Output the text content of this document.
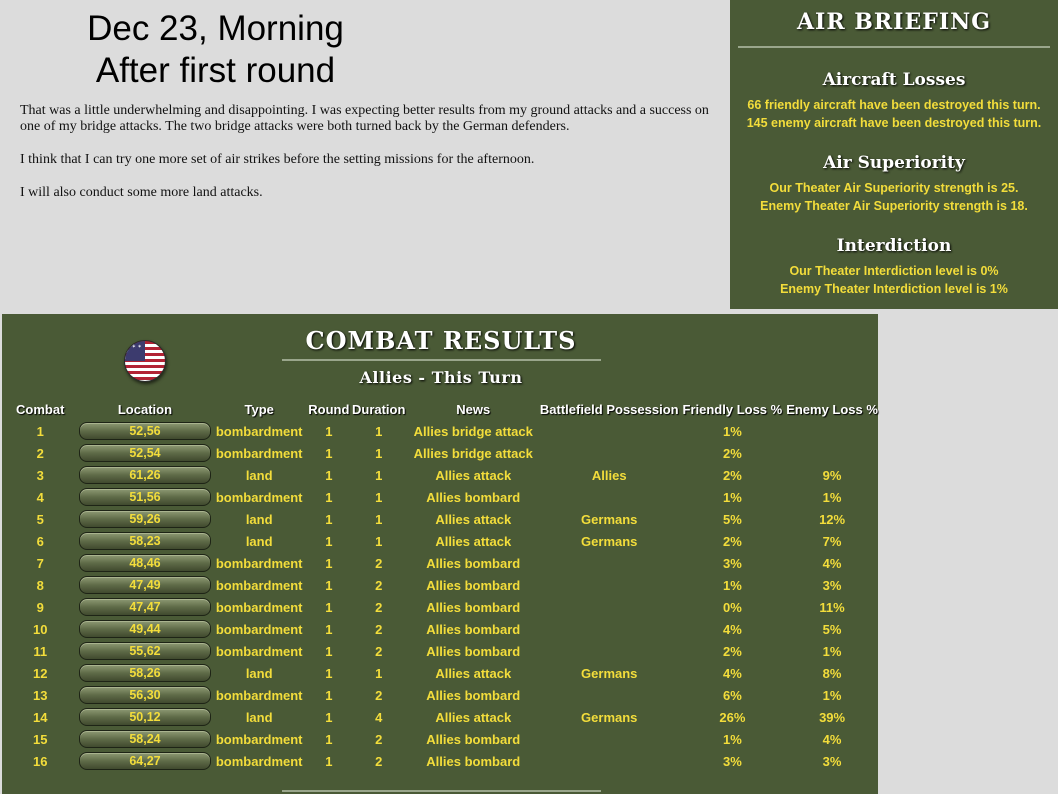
Dec 23, Morning
After first round

That was a little underwhelming and disappointing. I was expecting better results from my ground attacks and a success on one of my bridge attacks. The two bridge attacks were both turned back by the German defenders.

I think that I can try one more set of air strikes before the setting missions for the afternoon.

I will also conduct some more land attacks.

AIR BRIEFING
Aircraft Losses
66 friendly aircraft have been destroyed this turn.
145 enemy aircraft have been destroyed this turn.
Air Superiority
Our Theater Air Superiority strength is 25.
Enemy Theater Air Superiority strength is 18.
Interdiction
Our Theater Interdiction level is 0%
Enemy Theater Interdiction level is 1%
✶ ✶ ✶
COMBAT RESULTS
Allies - This Turn
Combat	Location	Type	Round	Duration	News	Battlefield Possession	Friendly Loss %	Enemy Loss %
1	52,56	bombardment	1	1	Allies bridge attack		1%	
2	52,54	bombardment	1	1	Allies bridge attack		2%	
3	61,26	land	1	1	Allies attack	Allies	2%	9%
4	51,56	bombardment	1	1	Allies bombard		1%	1%
5	59,26	land	1	1	Allies attack	Germans	5%	12%
6	58,23	land	1	1	Allies attack	Germans	2%	7%
7	48,46	bombardment	1	2	Allies bombard		3%	4%
8	47,49	bombardment	1	2	Allies bombard		1%	3%
9	47,47	bombardment	1	2	Allies bombard		0%	11%
10	49,44	bombardment	1	2	Allies bombard		4%	5%
11	55,62	bombardment	1	2	Allies bombard		2%	1%
12	58,26	land	1	1	Allies attack	Germans	4%	8%
13	56,30	bombardment	1	2	Allies bombard		6%	1%
14	50,12	land	1	4	Allies attack	Germans	26%	39%
15	58,24	bombardment	1	2	Allies bombard		1%	4%
16	64,27	bombardment	1	2	Allies bombard		3%	3%
